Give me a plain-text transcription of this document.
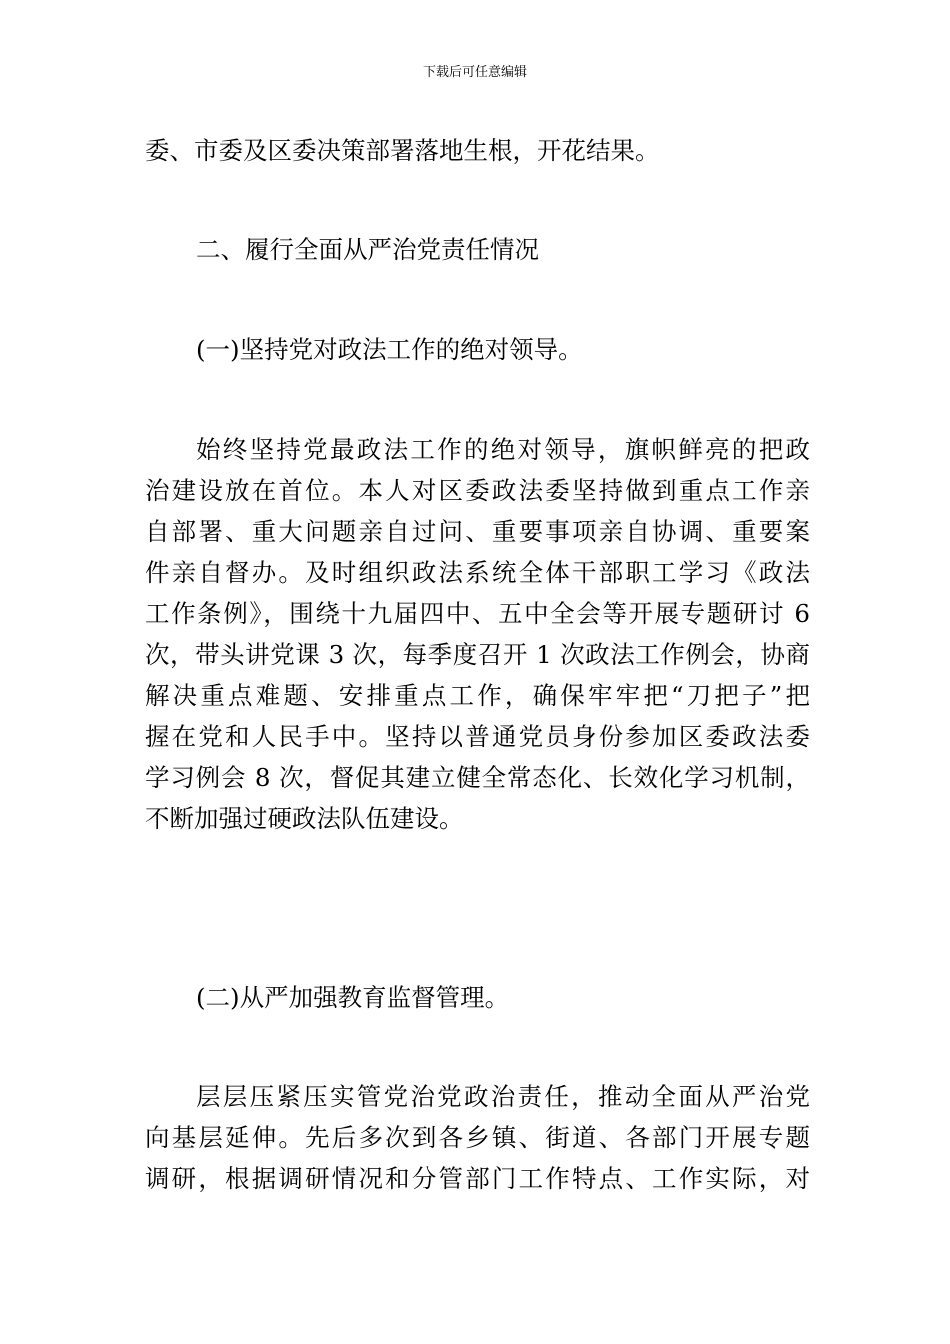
下载后可任意编辑
委、市委及区委决策部署落地生根，开花结果。
二、履行全面从严治党责任情况
(一)坚持党对政法工作的绝对领导。
始终坚持党最政法工作的绝对领导，旗帜鲜亮的把政
治建设放在首位。本人对区委政法委坚持做到重点工作亲
自部署、重大问题亲自过问、重要事项亲自协调、重要案
件亲自督办。及时组织政法系统全体干部职工学习《政法
工作条例》，围绕十九届四中、五中全会等开展专题研讨 6
次，带头讲党课 3 次，每季度召开 1 次政法工作例会，协商
解决重点难题、安排重点工作，确保牢牢把“刀把子”把
握在党和人民手中。坚持以普通党员身份参加区委政法委
学习例会 8 次，督促其建立健全常态化、长效化学习机制，
不断加强过硬政法队伍建设。
(二)从严加强教育监督管理。
层层压紧压实管党治党政治责任，推动全面从严治党
向基层延伸。先后多次到各乡镇、街道、各部门开展专题
调研，根据调研情况和分管部门工作特点、工作实际，对
